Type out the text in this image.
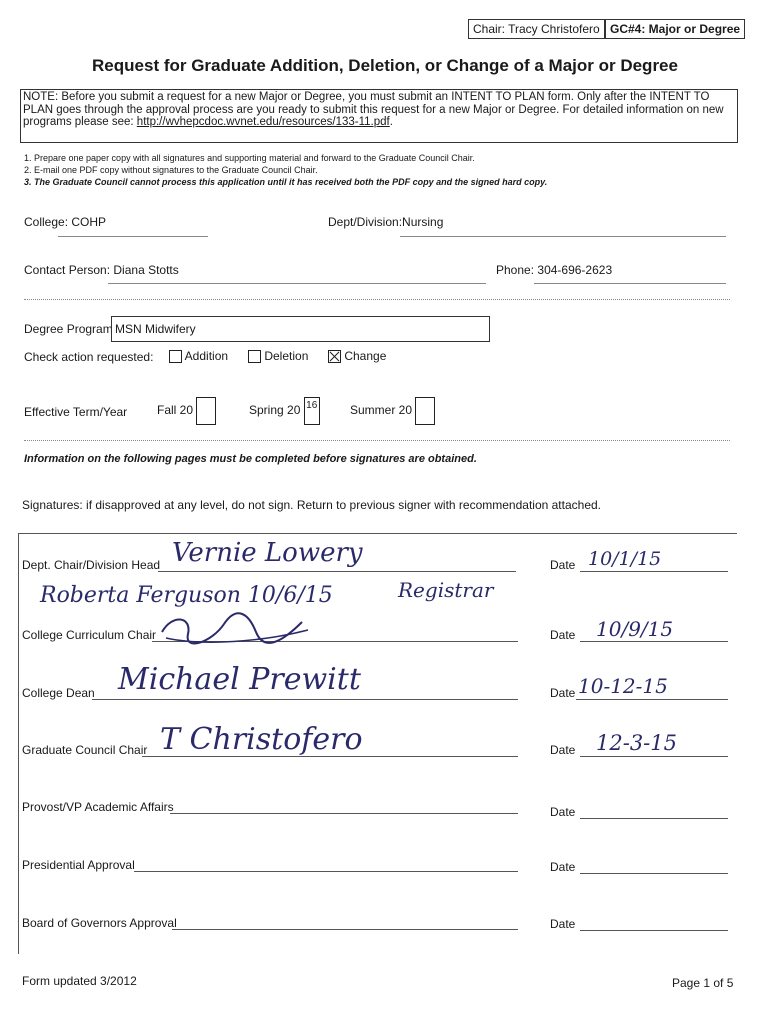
Chair: Tracy Christofero GC#4: Major or Degree
Request for Graduate Addition, Deletion, or Change of a Major or Degree
NOTE: Before you submit a request for a new Major or Degree, you must submit an INTENT TO PLAN form. Only after the INTENT TO PLAN goes through the approval process are you ready to submit this request for a new Major or Degree. For detailed information on new programs please see: http://wvhepcdoc.wvnet.edu/resources/133-11.pdf.
1. Prepare one paper copy with all signatures and supporting material and forward to the Graduate Council Chair.
2. E-mail one PDF copy without signatures to the Graduate Council Chair.
3. The Graduate Council cannot process this application until it has received both the PDF copy and the signed hard copy.
College: COHP	Dept/Division:Nursing
Contact Person: Diana Stotts	Phone: 304-696-2623
Degree Program MSN Midwifery
Check action requested:	Addition	Deletion	Change
Effective Term/Year Fall 20	Spring 20 16	Summer 20
Information on the following pages must be completed before signatures are obtained.
Signatures: if disapproved at any level, do not sign. Return to previous signer with recommendation attached.
Dept. Chair/Division Head Vernie Lowery	Date 10/1/15
Roberta Ferguson 10/6/15	Registrar
College Curriculum Chair	Date 10/9/15
College Dean Michael Prewitt	Date 10-12-15
Graduate Council Chair T Christofero	Date 12-3-15
Provost/VP Academic Affairs	Date
Presidential Approval	Date
Board of Governors Approval	Date
Form updated 3/2012	Page 1 of 5
